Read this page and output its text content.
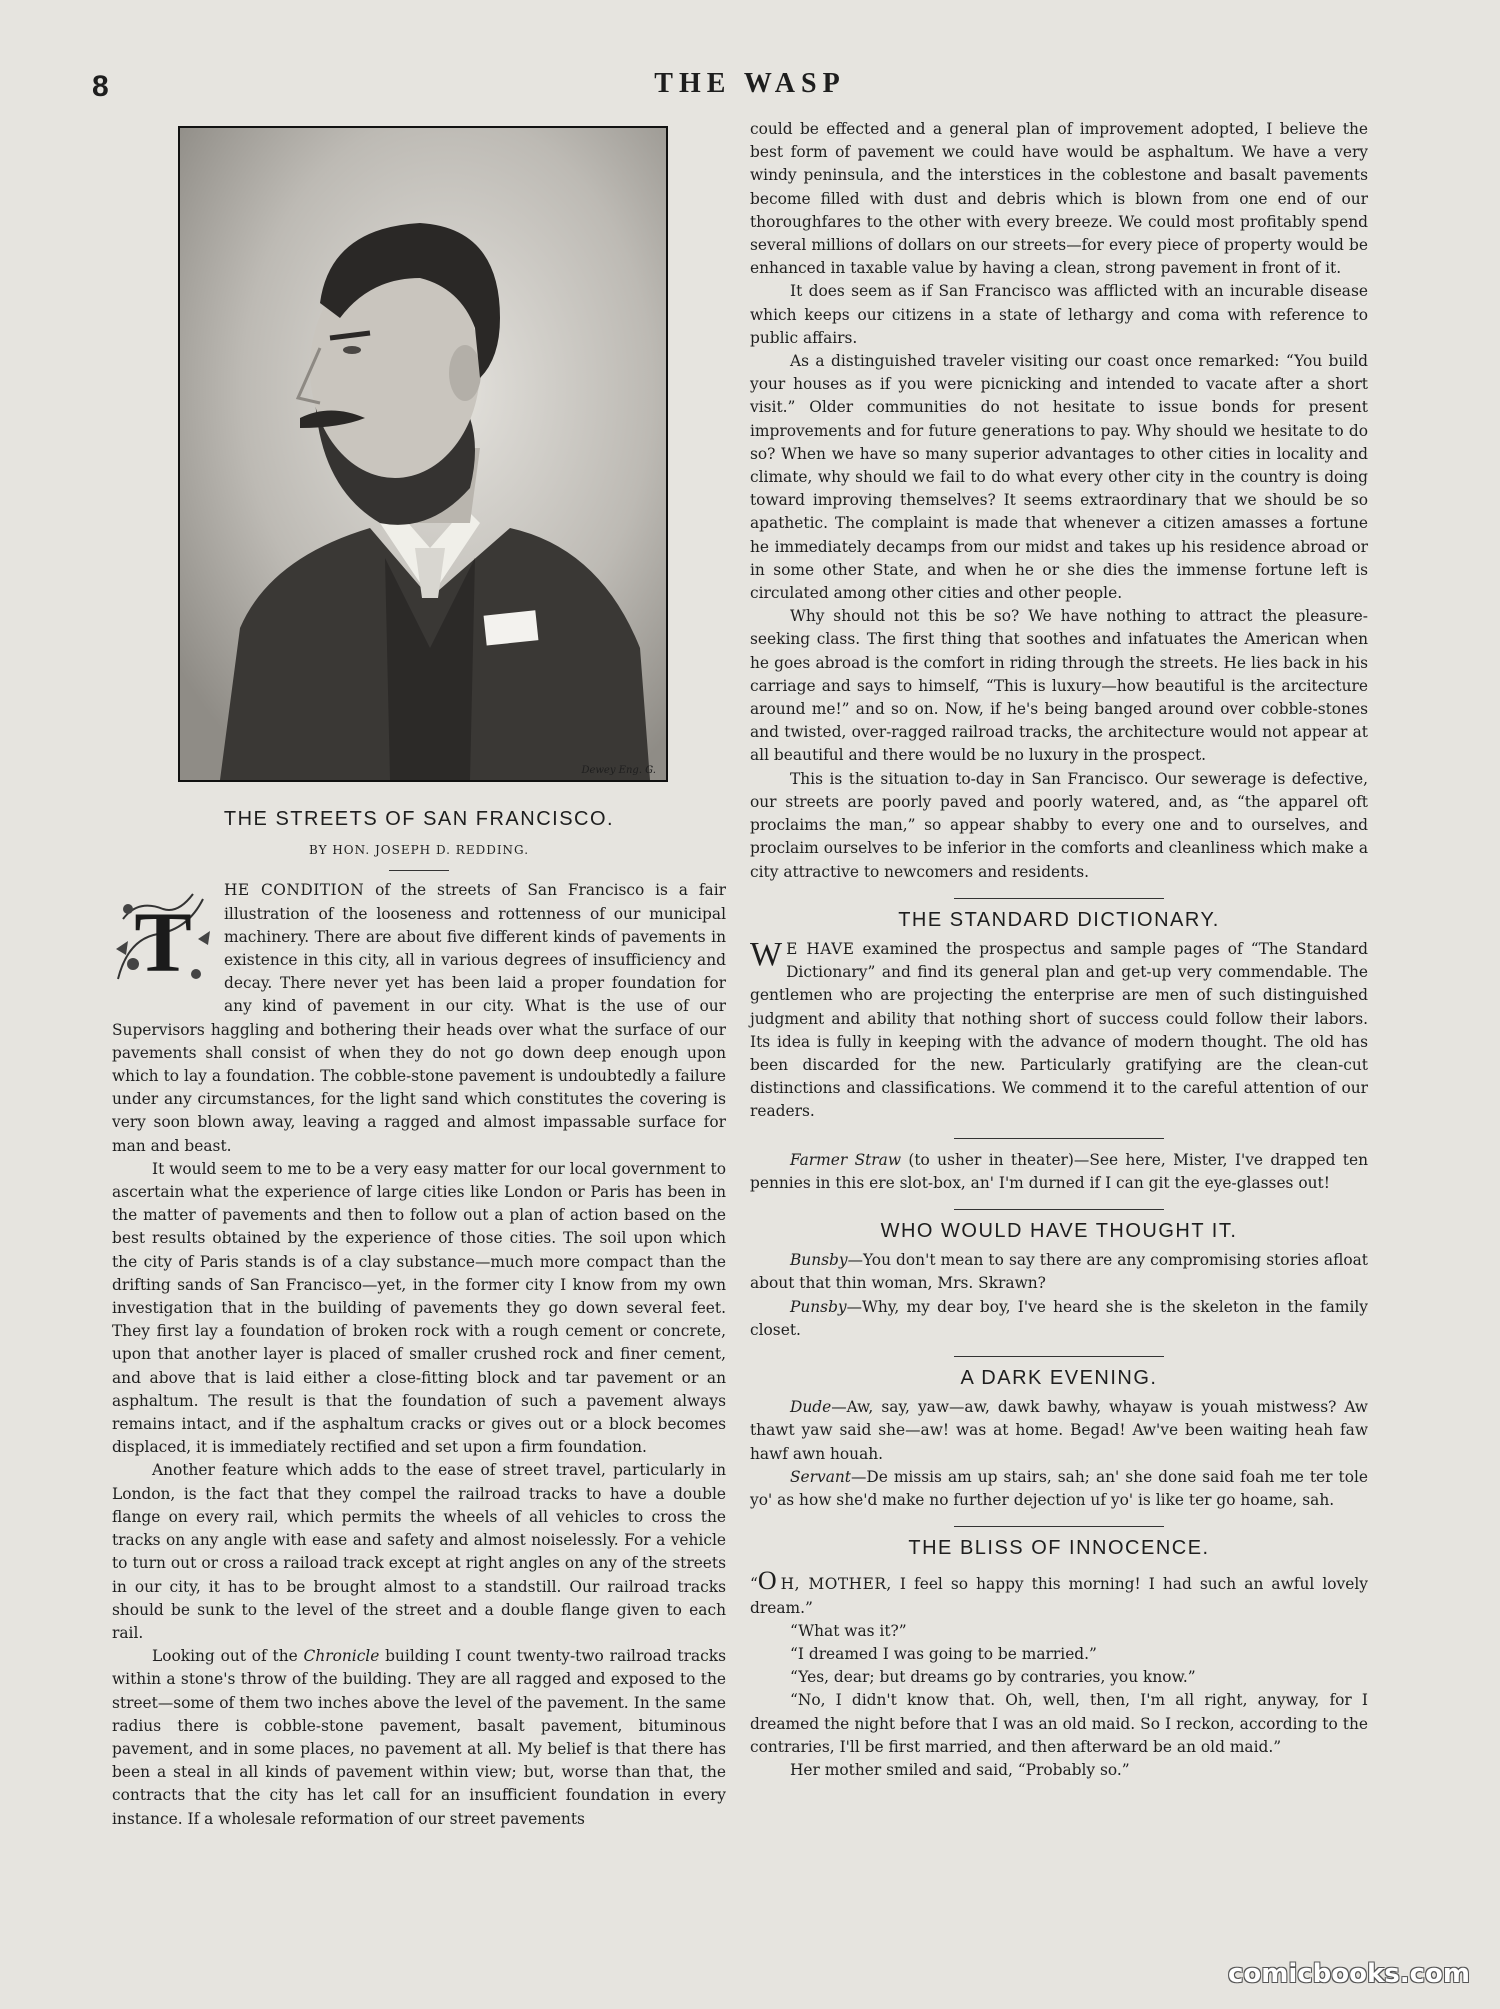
8	THE WASP
Dewey Eng. G.
THE STREETS OF SAN FRANCISCO.
BY HON. JOSEPH D. REDDING.
T

HE CONDITION of the streets of San Francisco is a fair illustration of the looseness and rottenness of our municipal machinery. There are about five different kinds of pavements in existence in this city, all in various degrees of insufficiency and decay. There never yet has been laid a proper foundation for any kind of pavement in our city. What is the use of our Supervisors haggling and bothering their heads over what the surface of our pavements shall consist of when they do not go down deep enough upon which to lay a foundation. The cobble-stone pavement is undoubtedly a failure under any circumstances, for the light sand which constitutes the covering is very soon blown away, leaving a ragged and almost impassable surface for man and beast.

It would seem to me to be a very easy matter for our local government to ascertain what the experience of large cities like London or Paris has been in the matter of pavements and then to follow out a plan of action based on the best results obtained by the experience of those cities. The soil upon which the city of Paris stands is of a clay substance—much more compact than the drifting sands of San Francisco—yet, in the former city I know from my own investigation that in the building of pavements they go down several feet. They first lay a foundation of broken rock with a rough cement or concrete, upon that another layer is placed of smaller crushed rock and finer cement, and above that is laid either a close-fitting block and tar pavement or an asphaltum. The result is that the foundation of such a pavement always remains intact, and if the asphaltum cracks or gives out or a block becomes displaced, it is immediately rectified and set upon a firm foundation.

Another feature which adds to the ease of street travel, particularly in London, is the fact that they compel the railroad tracks to have a double flange on every rail, which permits the wheels of all vehicles to cross the tracks on any angle with ease and safety and almost noiselessly. For a vehicle to turn out or cross a raiload track except at right angles on any of the streets in our city, it has to be brought almost to a standstill. Our railroad tracks should be sunk to the level of the street and a double flange given to each rail.

Looking out of the Chronicle building I count twenty-two railroad tracks within a stone's throw of the building. They are all ragged and exposed to the street—some of them two inches above the level of the pavement. In the same radius there is cobble-stone pavement, basalt pavement, bituminous pavement, and in some places, no pavement at all. My belief is that there has been a steal in all kinds of pavement within view; but, worse than that, the contracts that the city has let call for an insufficient foundation in every instance. If a wholesale reformation of our street pavements

could be effected and a general plan of improvement adopted, I believe the best form of pavement we could have would be asphaltum. We have a very windy peninsula, and the interstices in the coblestone and basalt pavements become filled with dust and debris which is blown from one end of our thoroughfares to the other with every breeze. We could most profitably spend several millions of dollars on our streets—for every piece of property would be enhanced in taxable value by having a clean, strong pavement in front of it.

It does seem as if San Francisco was afflicted with an incurable disease which keeps our citizens in a state of lethargy and coma with reference to public affairs.

As a distinguished traveler visiting our coast once remarked: “You build your houses as if you were picnicking and intended to vacate after a short visit.” Older communities do not hesitate to issue bonds for present improvements and for future generations to pay. Why should we hesitate to do so? When we have so many superior advantages to other cities in locality and climate, why should we fail to do what every other city in the country is doing toward improving themselves? It seems extraordinary that we should be so apathetic. The complaint is made that whenever a citizen amasses a fortune he immediately decamps from our midst and takes up his residence abroad or in some other State, and when he or she dies the immense fortune left is circulated among other cities and other people.

Why should not this be so? We have nothing to attract the pleasure-seeking class. The first thing that soothes and infatuates the American when he goes abroad is the comfort in riding through the streets. He lies back in his carriage and says to himself, “This is luxury—how beautiful is the arcitecture around me!” and so on. Now, if he's being banged around over cobble-stones and twisted, over-ragged railroad tracks, the architecture would not appear at all beautiful and there would be no luxury in the prospect.

This is the situation to-day in San Francisco. Our sewerage is defective, our streets are poorly paved and poorly watered, and, as “the apparel oft proclaims the man,” so appear shabby to every one and to ourselves, and proclaim ourselves to be inferior in the comforts and cleanliness which make a city attractive to newcomers and residents.

THE STANDARD DICTIONARY.

W E HAVE examined the prospectus and sample pages of “The Standard Dictionary” and find its general plan and get-up very commendable. The gentlemen who are projecting the enterprise are men of such distinguished judgment and ability that nothing short of success could follow their labors. Its idea is fully in keeping with the advance of modern thought. The old has been discarded for the new. Particularly gratifying are the clean-cut distinctions and classifications. We commend it to the careful attention of our readers.

Farmer Straw (to usher in theater)—See here, Mister, I've drapped ten pennies in this ere slot-box, an' I'm durned if I can git the eye-glasses out!

WHO WOULD HAVE THOUGHT IT.

Bunsby—You don't mean to say there are any compromising stories afloat about that thin woman, Mrs. Skrawn?

Punsby—Why, my dear boy, I've heard she is the skeleton in the family closet.

A DARK EVENING.

Dude—Aw, say, yaw—aw, dawk bawhy, whayaw is youah mistwess? Aw thawt yaw said she—aw! was at home. Begad! Aw've been waiting heah faw hawf awn houah.

Servant—De missis am up stairs, sah; an' she done said foah me ter tole yo' as how she'd make no further dejection uf yo' is like ter go hoame, sah.

THE BLISS OF INNOCENCE.

“O H, MOTHER, I feel so happy this morning! I had such an awful lovely dream.”

“What was it?”

“I dreamed I was going to be married.”

“Yes, dear; but dreams go by contraries, you know.”

“No, I didn't know that. Oh, well, then, I'm all right, anyway, for I dreamed the night before that I was an old maid. So I reckon, according to the contraries, I'll be first married, and then afterward be an old maid.”

Her mother smiled and said, “Probably so.”

comicbooks.com
